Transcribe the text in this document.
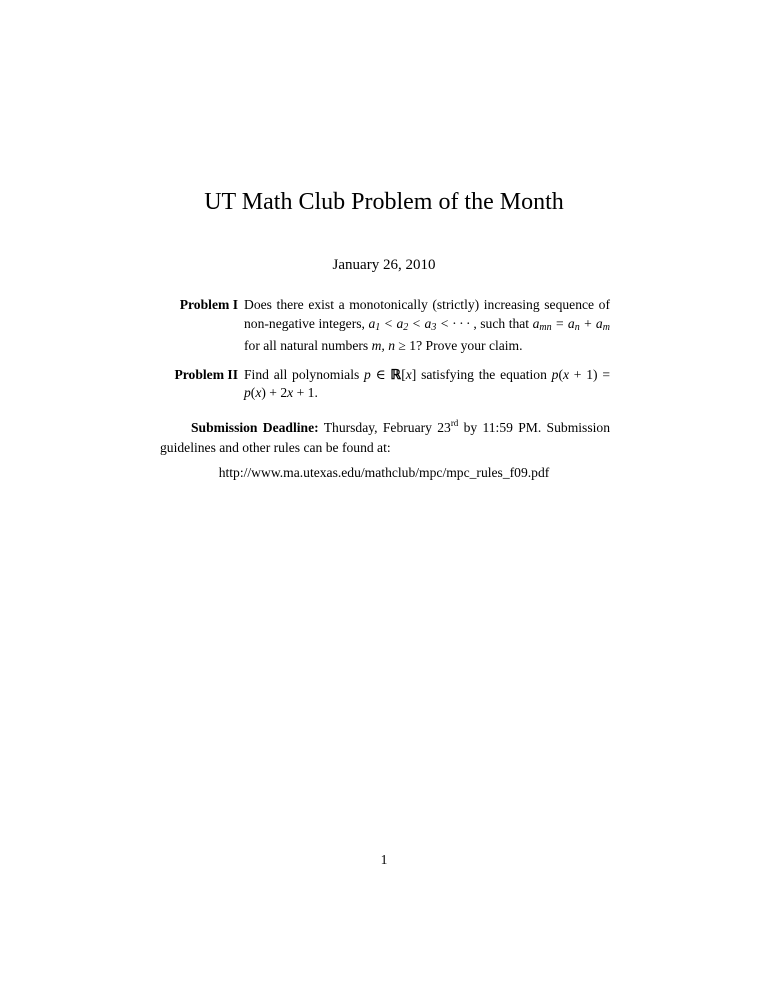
UT Math Club Problem of the Month
January 26, 2010
Problem I Does there exist a monotonically (strictly) increasing sequence of non-negative integers, $a_1 < a_2 < a_3$ < · · · , such that $a_{mn} = a_n + a_m$ for all natural numbers m, n ≥ 1? Prove your claim.
Problem II Find all polynomials p ∈ ℝ[x] satisfying the equation p(x + 1) = p(x) + 2x + 1.
Submission Deadline: Thursday, February 23rd by 11:59 PM. Submission guidelines and other rules can be found at:
http://www.ma.utexas.edu/mathclub/mpc/mpc_rules_f09.pdf
1
